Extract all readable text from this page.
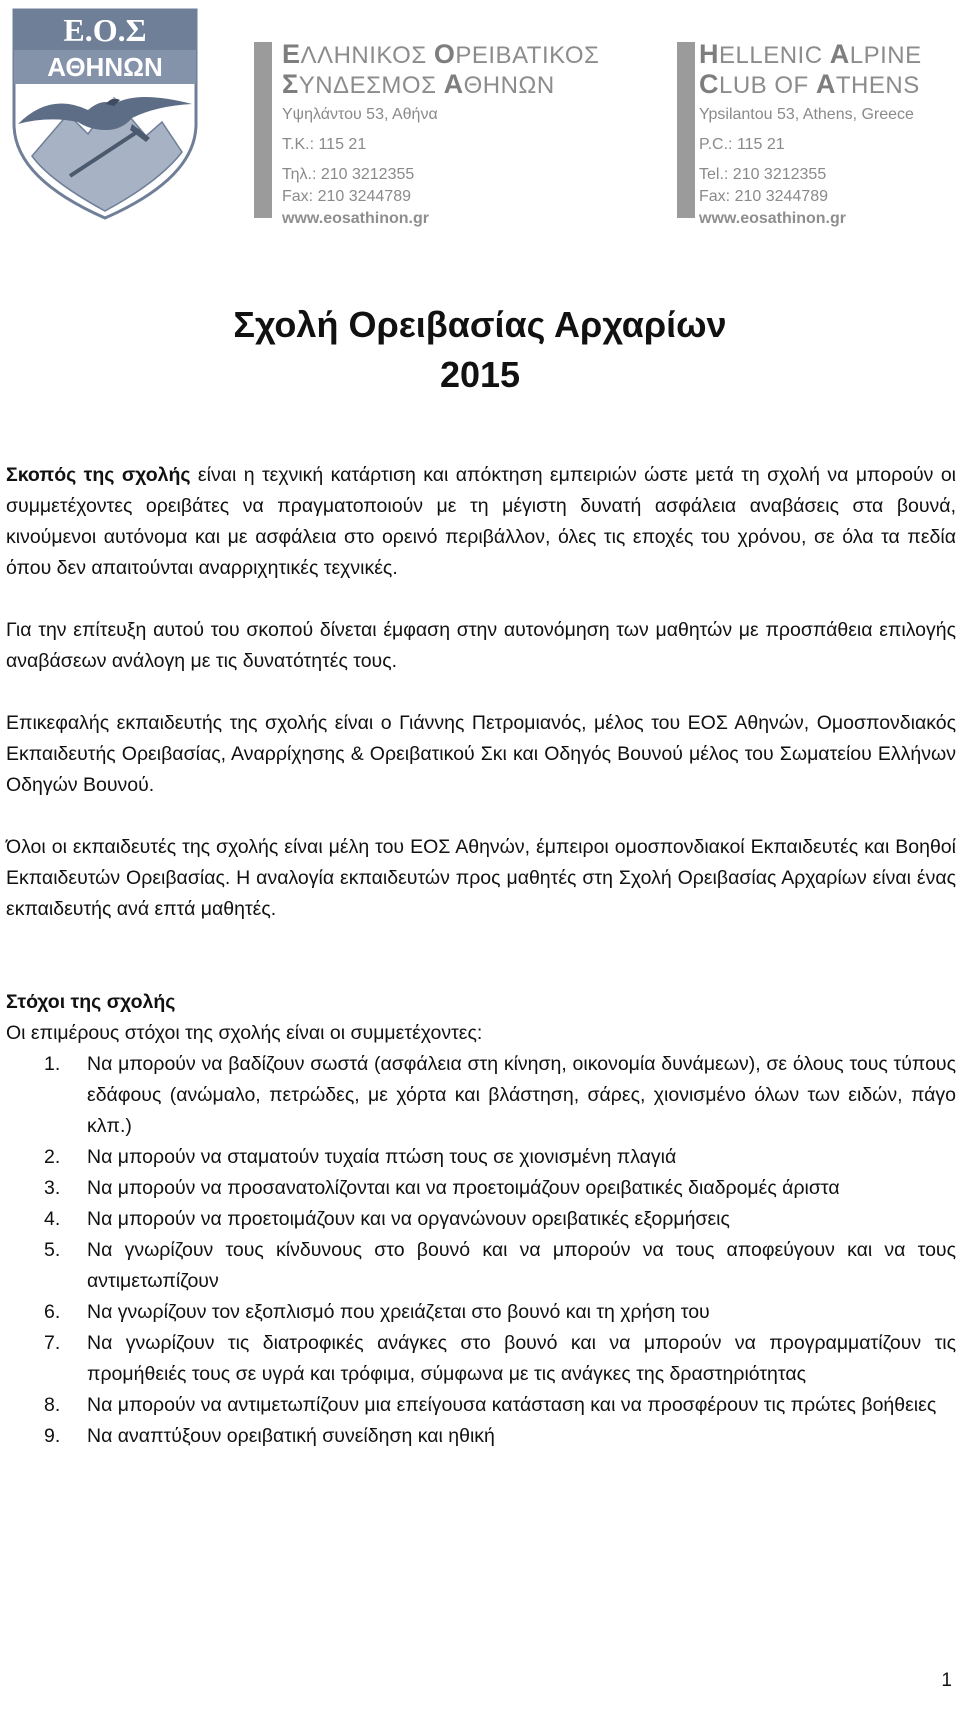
Ε.Ο.Σ
ΑΘΗΝΩΝ	ΕΛΛΗΝΙΚΟΣ ΟΡΕΙΒΑΤΙΚΟΣ
ΣΥΝΔΕΣΜΟΣ ΑΘΗΝΩΝ
Υψηλάντου 53, Αθήνα
Τ.Κ.: 115 21
Τηλ.: 210 3212355
Fax: 210 3244789
www.eosathinon.gr
HELLENIC ALPINE
CLUB OF ATHENS
Ypsilantou 53, Athens, Greece
P.C.: 115 21
Tel.: 210 3212355
Fax: 210 3244789
www.eosathinon.gr
Σχολή Ορειβασίας Αρχαρίων
2015

Σκοπός της σχολής είναι η τεχνική κατάρτιση και απόκτηση εμπειριών ώστε μετά τη σχολή να μπορούν οι συμμετέχοντες ορειβάτες να πραγματοποιούν με τη μέγιστη δυνατή ασφάλεια αναβάσεις στα βουνά, κινούμενοι αυτόνομα και με ασφάλεια στο ορεινό περιβάλλον, όλες τις εποχές του χρόνου, σε όλα τα πεδία όπου δεν απαιτούνται αναρριχητικές τεχνικές.

Για την επίτευξη αυτού του σκοπού δίνεται έμφαση στην αυτονόμηση των μαθητών με προσπάθεια επιλογής αναβάσεων ανάλογη με τις δυνατότητές τους.

Επικεφαλής εκπαιδευτής της σχολής είναι ο Γιάννης Πετρομιανός, μέλος του ΕΟΣ Αθηνών, Ομοσπονδιακός Εκπαιδευτής Ορειβασίας, Αναρρίχησης & Ορειβατικού Σκι και Οδηγός Βουνού μέλος του Σωματείου Ελλήνων Οδηγών Βουνού.

Όλοι οι εκπαιδευτές της σχολής είναι μέλη του ΕΟΣ Αθηνών, έμπειροι ομοσπονδιακοί Εκπαιδευτές και Βοηθοί Εκπαιδευτών Ορειβασίας. Η αναλογία εκπαιδευτών προς μαθητές στη Σχολή Ορειβασίας Αρχαρίων είναι ένας εκπαιδευτής ανά επτά μαθητές.

Στόχοι της σχολής
Οι επιμέρους στόχοι της σχολής είναι οι συμμετέχοντες:
1. Να μπορούν να βαδίζουν σωστά (ασφάλεια στη κίνηση, οικονομία δυνάμεων), σε όλους τους τύπους εδάφους (ανώμαλο, πετρώδες, με χόρτα και βλάστηση, σάρες, χιονισμένο όλων των ειδών, πάγο κλπ.)
2. Να μπορούν να σταματούν τυχαία πτώση τους σε χιονισμένη πλαγιά
3. Να μπορούν να προσανατολίζονται και να προετοιμάζουν ορειβατικές διαδρομές άριστα
4. Να μπορούν να προετοιμάζουν και να οργανώνουν ορειβατικές εξορμήσεις
5. Να γνωρίζουν τους κίνδυνους στο βουνό και να μπορούν να τους αποφεύγουν και να τους αντιμετωπίζουν
6. Να γνωρίζουν τον εξοπλισμό που χρειάζεται στο βουνό και τη χρήση του
7. Να γνωρίζουν τις διατροφικές ανάγκες στο βουνό και να μπορούν να προγραμματίζουν τις προμήθειές τους σε υγρά και τρόφιμα, σύμφωνα με τις ανάγκες της δραστηριότητας
8. Να μπορούν να αντιμετωπίζουν μια επείγουσα κατάσταση και να προσφέρουν τις πρώτες βοήθειες
9. Να αναπτύξουν ορειβατική συνείδηση και ηθική
1
